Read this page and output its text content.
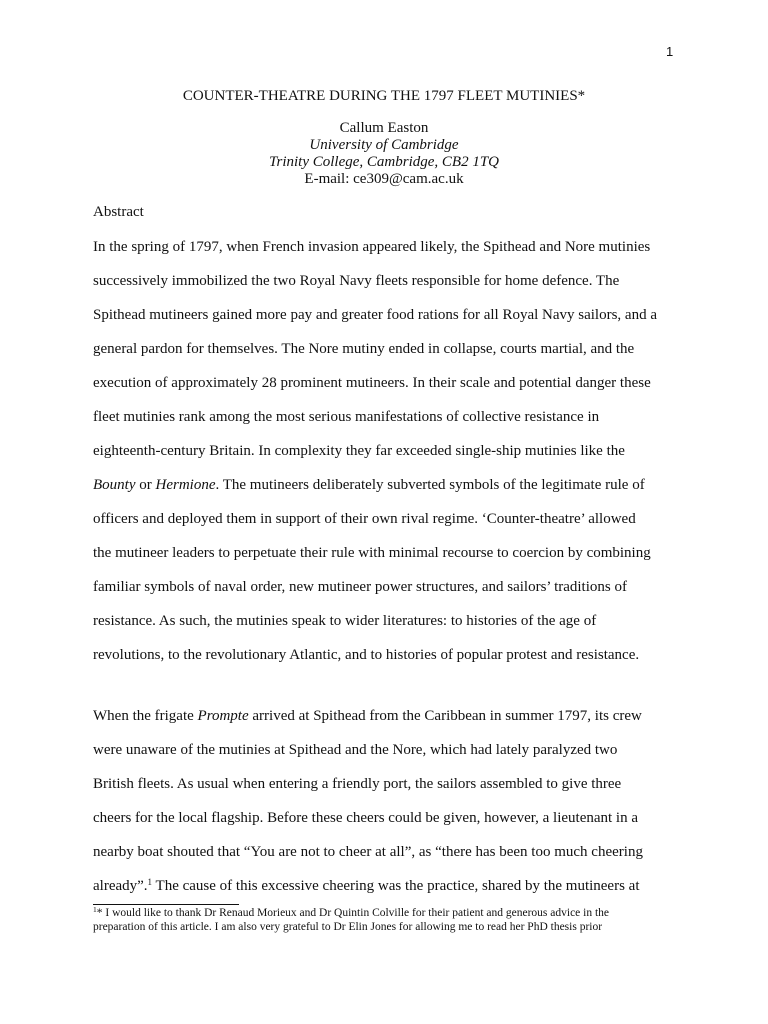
1
COUNTER-THEATRE DURING THE 1797 FLEET MUTINIES*
Callum Easton
University of Cambridge
Trinity College, Cambridge, CB2 1TQ
E-mail: ce309@cam.ac.uk
Abstract
In the spring of 1797, when French invasion appeared likely, the Spithead and Nore mutinies
successively immobilized the two Royal Navy fleets responsible for home defence. The
Spithead mutineers gained more pay and greater food rations for all Royal Navy sailors, and a
general pardon for themselves. The Nore mutiny ended in collapse, courts martial, and the
execution of approximately 28 prominent mutineers. In their scale and potential danger these
fleet mutinies rank among the most serious manifestations of collective resistance in
eighteenth-century Britain. In complexity they far exceeded single-ship mutinies like the
Bounty or Hermione. The mutineers deliberately subverted symbols of the legitimate rule of
officers and deployed them in support of their own rival regime. ‘Counter-theatre’ allowed
the mutineer leaders to perpetuate their rule with minimal recourse to coercion by combining
familiar symbols of naval order, new mutineer power structures, and sailors’ traditions of
resistance. As such, the mutinies speak to wider literatures: to histories of the age of
revolutions, to the revolutionary Atlantic, and to histories of popular protest and resistance.
When the frigate Prompte arrived at Spithead from the Caribbean in summer 1797, its crew
were unaware of the mutinies at Spithead and the Nore, which had lately paralyzed two
British fleets. As usual when entering a friendly port, the sailors assembled to give three
cheers for the local flagship. Before these cheers could be given, however, a lieutenant in a
nearby boat shouted that “You are not to cheer at all”, as “there has been too much cheering
already”.$^1$ The cause of this excessive cheering was the practice, shared by the mutineers at
$^1$* I would like to thank Dr Renaud Morieux and Dr Quintin Colville for their patient and generous advice in the
preparation of this article. I am also very grateful to Dr Elin Jones for allowing me to read her PhD thesis prior
